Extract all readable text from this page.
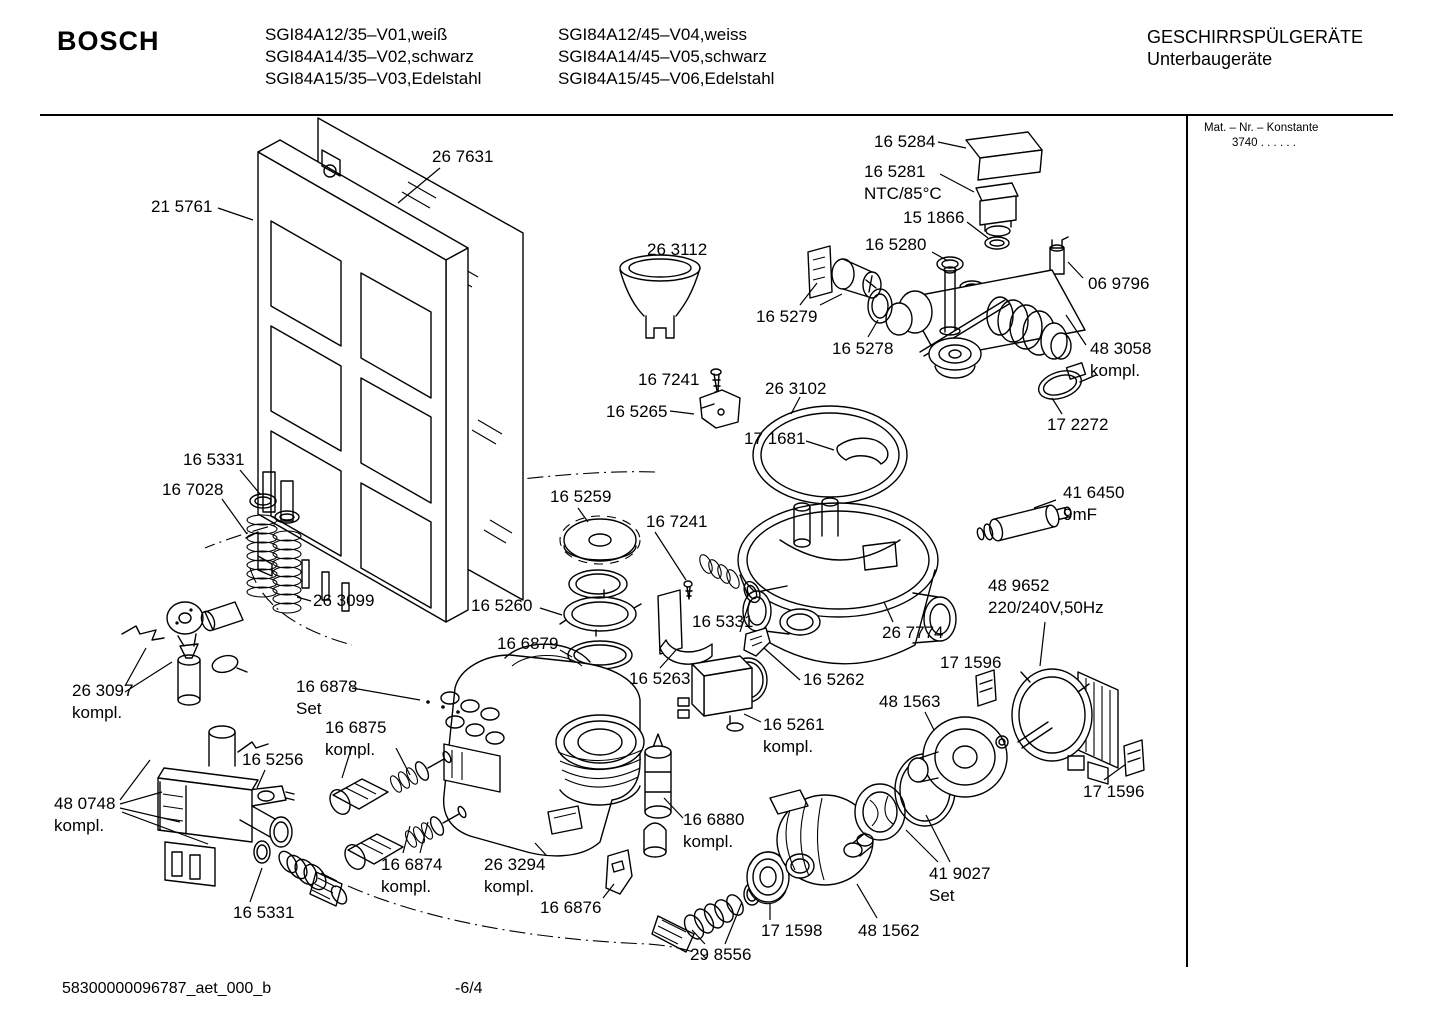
BOSCH	SGI84A12/35–V01,weiß
SGI84A14/35–V02,schwarz
SGI84A15/35–V03,Edelstahl
SGI84A12/45–V04,weiss
SGI84A14/45–V05,schwarz
SGI84A15/45–V06,Edelstahl
GESCHIRRSPÜLGERÄTE
Unterbaugeräte
Mat. – Nr. – Konstante
3740 . . . . . .
58300000096787_aet_000_b	-6/4
26 7631
21 5761
16 5284
16 5281
NTC/85°C
15 1866
16 5280
26 3112
06 9796
16 5279
16 5278	48 3058
kompl.
16 7241	26 3102
16 5265
17 1681
17 2272
16 5331
16 7028	16 5259
16 7241
41 6450
9mF
26 3099	16 5260
48 9652
220/240V,50Hz
16 5331
16 6879
26 7774
17 1596
16 5263	16 5262
26 3097
kompl.
16 6878
Set	48 1563
16 5261
kompl.
16 6875
kompl.
16 5256
48 0748
kompl.
17 1596
16 6880
kompl.
16 6874
kompl.
26 3294
kompl.
16 6876
41 9027
Set
16 5331
17 1598 48 1562
29 8556
